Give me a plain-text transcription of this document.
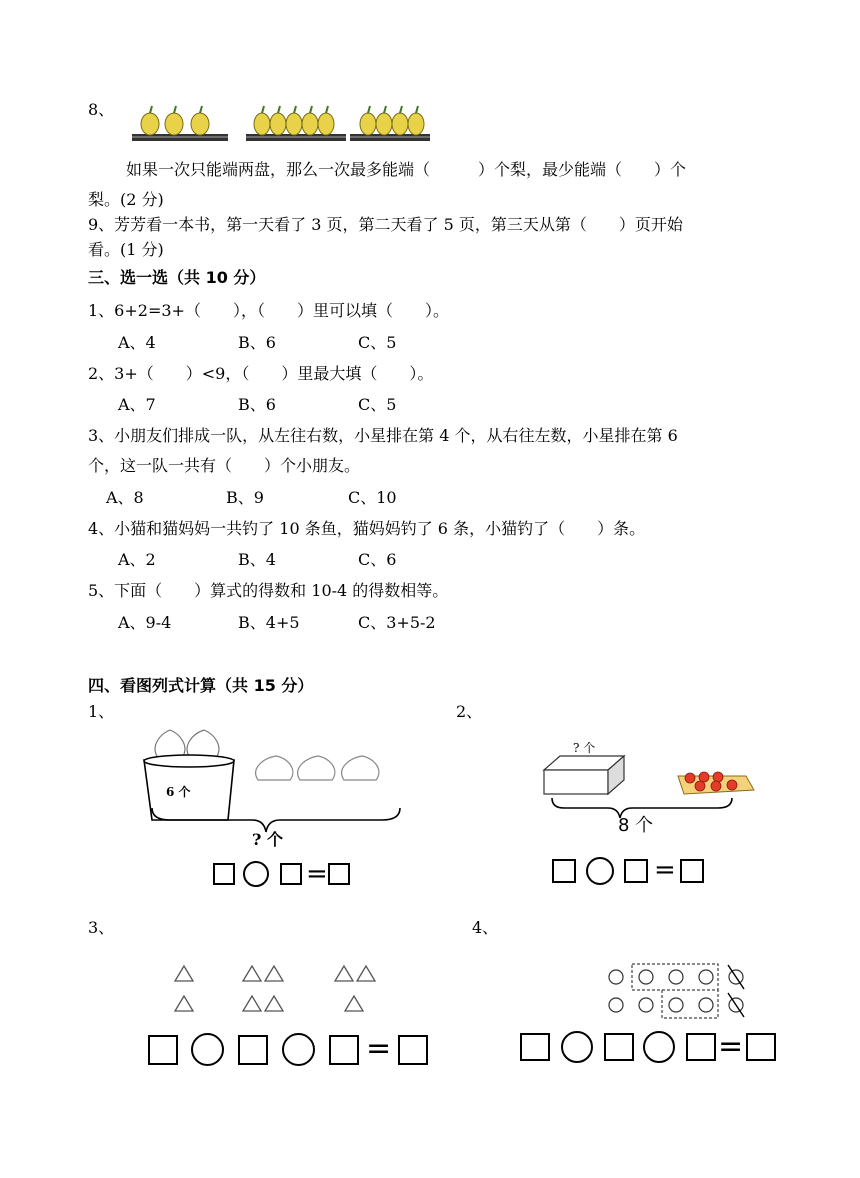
8、
如果一次只能端两盘，那么一次最多能端（　　　）个梨，最少能端（　　）个
梨。(2 分)
9、芳芳看一本书，第一天看了 3 页，第二天看了 5 页，第三天从第（　　）页开始
看。(1 分)
三、选一选（共 10 分）
1、6+2=3+（　　），（　　）里可以填（　　）。
A、4	B、6	C、5
2、3+（　　）<9，（　　）里最大填（　　）。
A、7	B、6	C、5
3、小朋友们排成一队，从左往右数，小星排在第 4 个，从右往左数，小星排在第 6
个，这一队一共有（　　）个小朋友。
A、8	B、9	C、10
4、小猫和猫妈妈一共钓了 10 条鱼，猫妈妈钓了 6 条，小猫钓了（　　）条。
A、2	B、4	C、6
5、下面（　　）算式的得数和 10-4 的得数相等。
A、9-4	B、4+5	C、3+5-2
四、看图列式计算（共 15 分）
1、
6 个
? 个
=
2、
? 个
8 个
=
3、
=
4、
=
